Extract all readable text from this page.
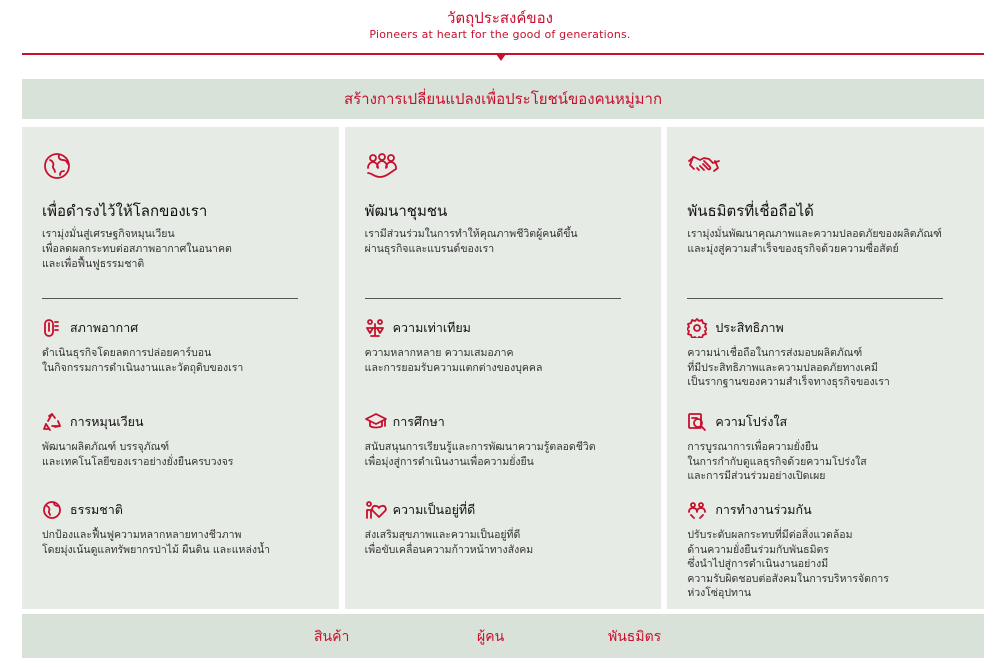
วัตถุประสงค์ของ
Pioneers at heart for the good of generations.
สร้างการเปลี่ยนแปลงเพื่อประโยชน์ของคนหมู่มาก
เพื่อดำรงไว้ให้โลกของเรา
เรามุ่งมั่นสู่เศรษฐกิจหมุนเวียน
เพื่อลดผลกระทบต่อสภาพอากาศในอนาคต
และเพื่อฟื้นฟูธรรมชาติ
สภาพอากาศ
ดำเนินธุรกิจโดยลดการปล่อยคาร์บอน
ในกิจกรรมการดำเนินงานและวัตถุดิบของเรา
การหมุนเวียน
พัฒนาผลิตภัณฑ์ บรรจุภัณฑ์
และเทคโนโลยีของเราอย่างยั่งยืนครบวงจร
ธรรมชาติ
ปกป้องและฟื้นฟูความหลากหลายทางชีวภาพ
โดยมุ่งเน้นดูแลทรัพยากรป่าไม้ ผืนดิน และแหล่งน้ำ
พัฒนาชุมชน
เรามีส่วนร่วมในการทำให้คุณภาพชีวิตผู้คนดีขึ้น
ผ่านธุรกิจและแบรนด์ของเรา
ความเท่าเทียม
ความหลากหลาย ความเสมอภาค
และการยอมรับความแตกต่างของบุคคล
การศึกษา
สนับสนุนการเรียนรู้และการพัฒนาความรู้ตลอดชีวิต
เพื่อมุ่งสู่การดำเนินงานเพื่อความยั่งยืน
ความเป็นอยู่ที่ดี
ส่งเสริมสุขภาพและความเป็นอยู่ที่ดี
เพื่อขับเคลื่อนความก้าวหน้าทางสังคม
พันธมิตรที่เชื่อถือได้
เรามุ่งมั่นพัฒนาคุณภาพและความปลอดภัยของผลิตภัณฑ์
และมุ่งสู่ความสำเร็จของธุรกิจด้วยความซื่อสัตย์
ประสิทธิภาพ
ความน่าเชื่อถือในการส่งมอบผลิตภัณฑ์
ที่มีประสิทธิภาพและความปลอดภัยทางเคมี
เป็นรากฐานของความสำเร็จทางธุรกิจของเรา
ความโปร่งใส
การบูรณาการเพื่อความยั่งยืน
ในการกำกับดูแลธุรกิจด้วยความโปร่งใส
และการมีส่วนร่วมอย่างเปิดเผย
การทำงานร่วมกัน
ปรับระดับผลกระทบที่มีต่อสิ่งแวดล้อม
ด้านความยั่งยืนร่วมกับพันธมิตร
ซึ่งนำไปสู่การดำเนินงานอย่างมี
ความรับผิดชอบต่อสังคมในการบริหารจัดการ
ห่วงโซ่อุปทาน
สินค้า	ผู้คน	พันธมิตร
